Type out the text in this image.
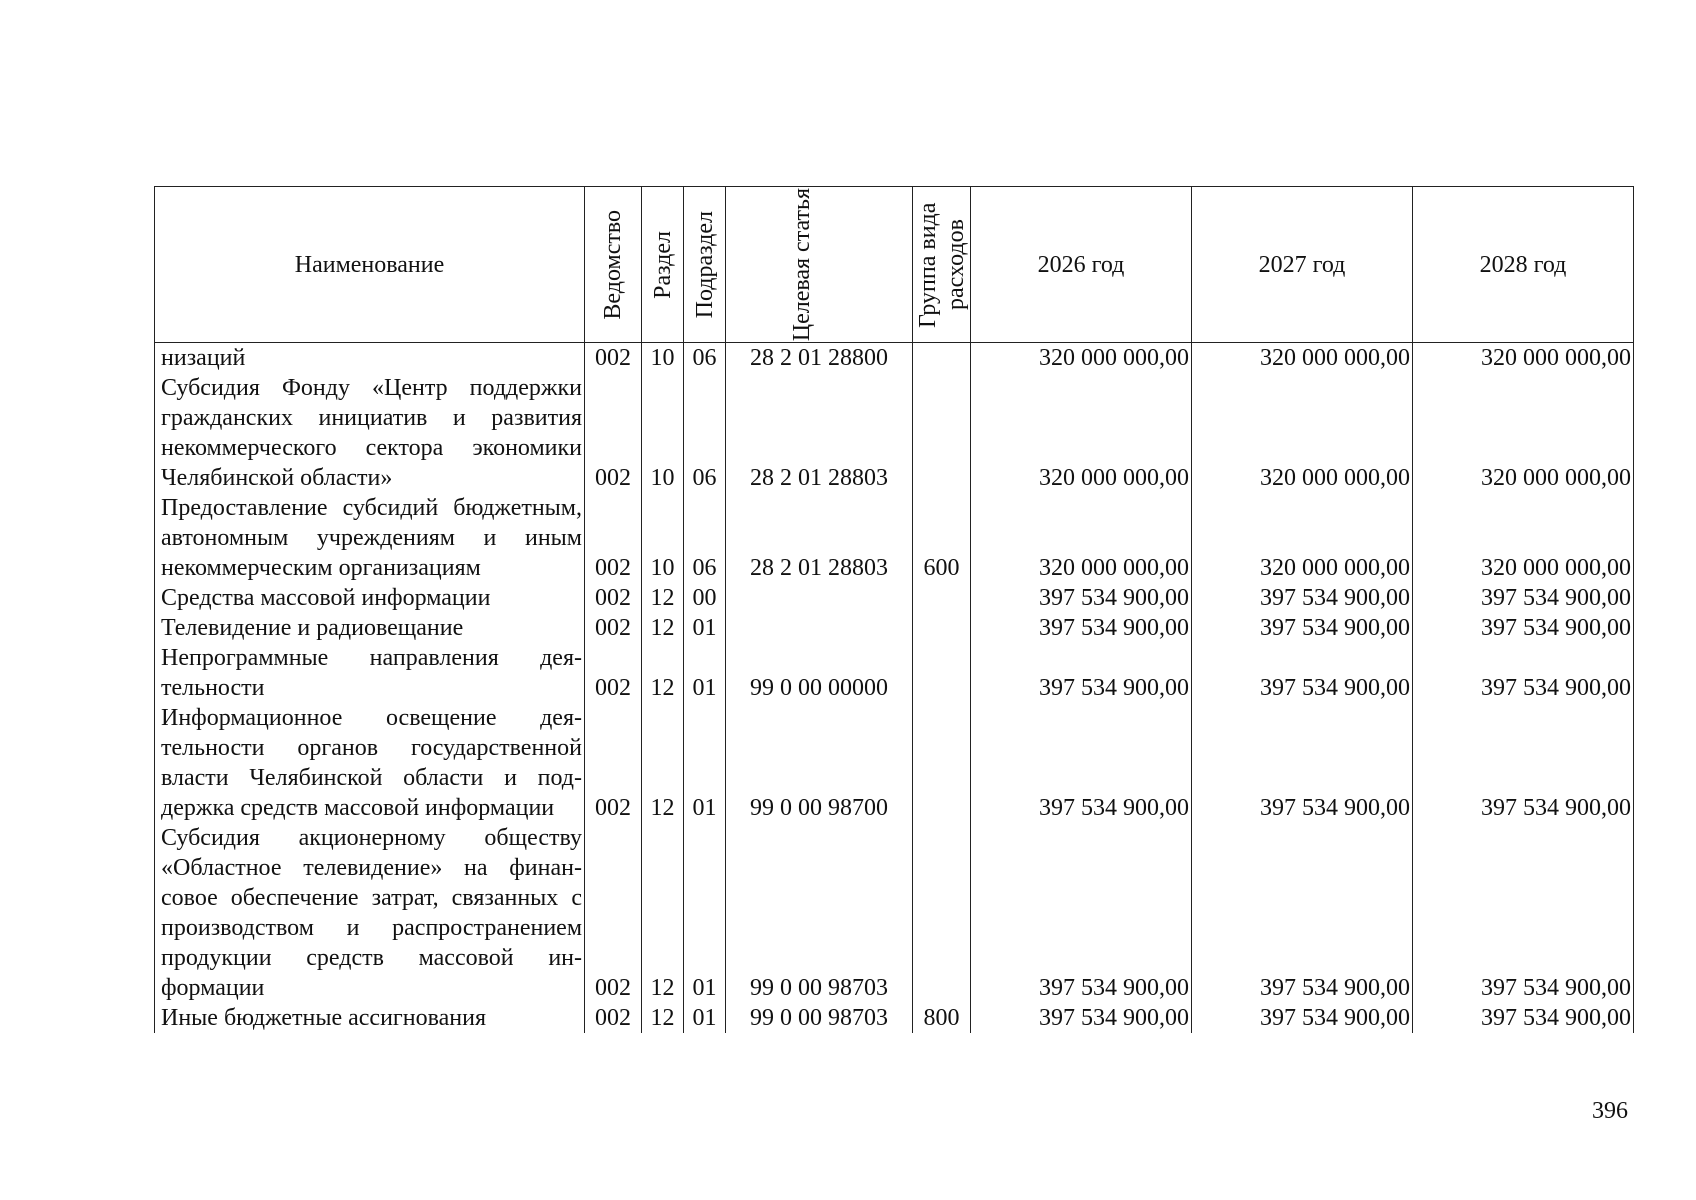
Наименование	Ведомство	Раздел	Подраздел	Целевая статья	Группа вида расходов	2026 год	2027 год	2028 год
низаций	002	10	06	28 2 01 28800		320 000 000,00	320 000 000,00	320 000 000,00
Субсидия Фонду «Центр поддержки гражданских инициатив и развития некоммерческого сектора экономики Челябинской области»	002	10	06	28 2 01 28803		320 000 000,00	320 000 000,00	320 000 000,00
Предоставление субсидий бюджетным, автономным учреждениям и иным некоммерческим организациям	002	10	06	28 2 01 28803	600	320 000 000,00	320 000 000,00	320 000 000,00
Средства массовой информации	002	12	00			397 534 900,00	397 534 900,00	397 534 900,00
Телевидение и радиовещание	002	12	01			397 534 900,00	397 534 900,00	397 534 900,00
Непрограммные направления деятельности	002	12	01	99 0 00 00000		397 534 900,00	397 534 900,00	397 534 900,00
Информационное освещение деятельности органов государственной власти Челябинской области и поддержка средств массовой информации	002	12	01	99 0 00 98700		397 534 900,00	397 534 900,00	397 534 900,00
Субсидия акционерному обществу «Областное телевидение» на финансовое обеспечение затрат, связанных с производством и распространением продукции средств массовой информации	002	12	01	99 0 00 98703		397 534 900,00	397 534 900,00	397 534 900,00
Иные бюджетные ассигнования	002	12	01	99 0 00 98703	800	397 534 900,00	397 534 900,00	397 534 900,00
396
